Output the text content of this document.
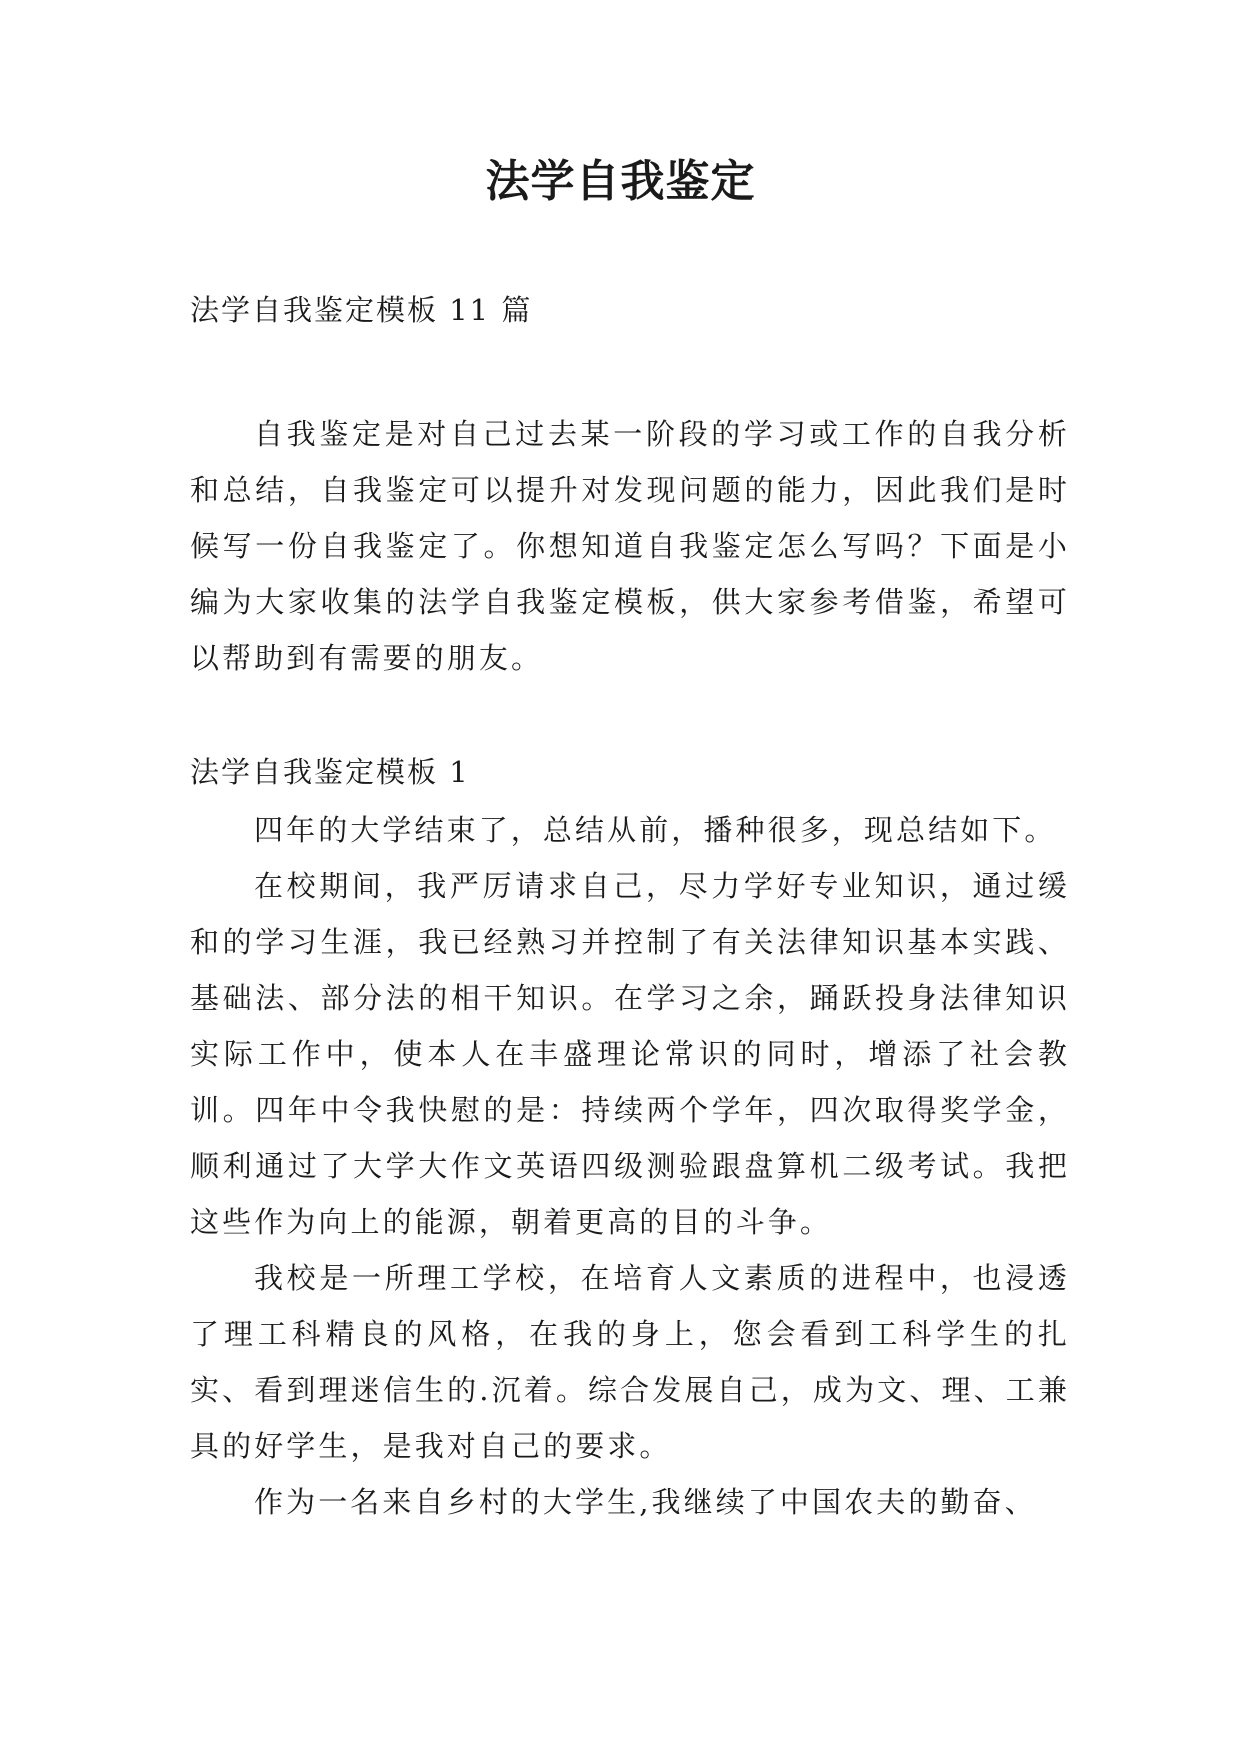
法学自我鉴定
法学自我鉴定模板 11 篇

自我鉴定是对自己过去某一阶段的学习或工作的自我分析和总结，自我鉴定可以提升对发现问题的能力，因此我们是时候写一份自我鉴定了。你想知道自我鉴定怎么写吗？下面是小编为大家收集的法学自我鉴定模板，供大家参考借鉴，希望可以帮助到有需要的朋友。

法学自我鉴定模板 1

四年的大学结束了，总结从前，播种很多，现总结如下。

在校期间，我严厉请求自己，尽力学好专业知识，通过缓和的学习生涯，我已经熟习并控制了有关法律知识基本实践、基础法、部分法的相干知识。在学习之余，踊跃投身法律知识实际工作中，使本人在丰盛理论常识的同时，增添了社会教训。四年中令我快慰的是：持续两个学年，四次取得奖学金，顺利通过了大学大作文英语四级测验跟盘算机二级考试。我把这些作为向上的能源，朝着更高的目的斗争。

我校是一所理工学校，在培育人文素质的进程中，也浸透了理工科精良的风格，在我的身上，您会看到工科学生的扎实、看到理迷信生的.沉着。综合发展自己，成为文、理、工兼具的好学生，是我对自己的要求。

作为一名来自乡村的大学生,我继续了中国农夫的勤奋、
